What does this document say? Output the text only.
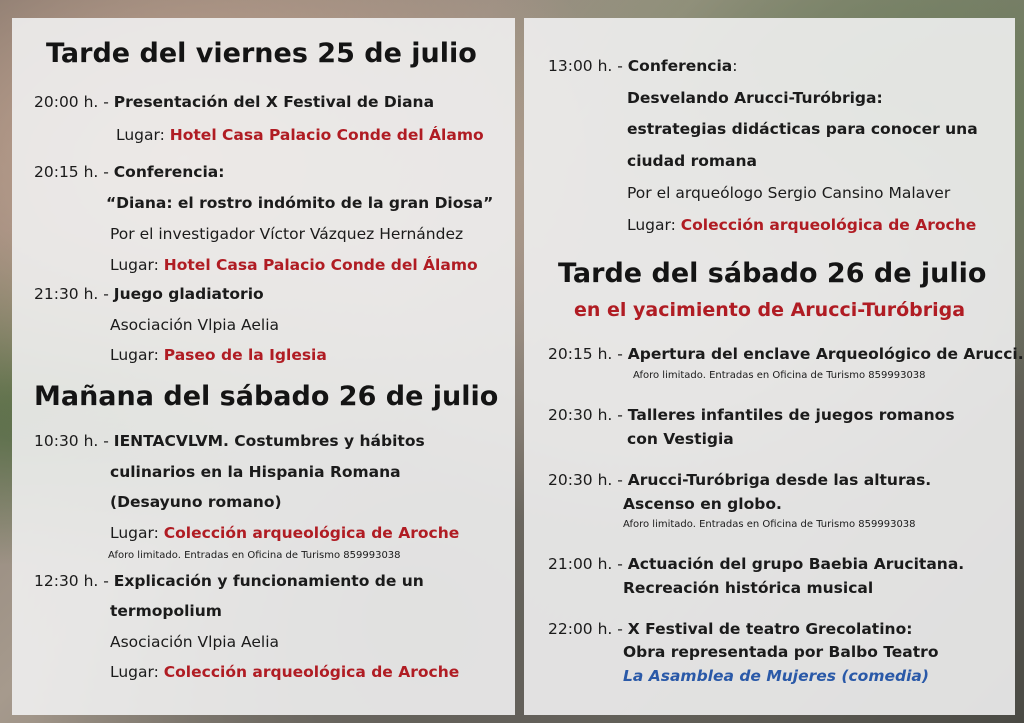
Tarde del viernes 25 de julio
20:00 h. - Presentación del X Festival de Diana
Lugar: Hotel Casa Palacio Conde del Álamo
20:15 h. - Conferencia:
“Diana: el rostro indómito de la gran Diosa”
Por el investigador Víctor Vázquez Hernández
Lugar: Hotel Casa Palacio Conde del Álamo
21:30 h. - Juego gladiatorio
Asociación Vlpia Aelia
Lugar: Paseo de la Iglesia
Mañana del sábado 26 de julio
10:30 h. - IENTACVLVM. Costumbres y hábitos
culinarios en la Hispania Romana
(Desayuno romano)
Lugar: Colección arqueológica de Aroche
Aforo limitado. Entradas en Oficina de Turismo 859993038
12:30 h. - Explicación y funcionamiento de un
termopolium
Asociación Vlpia Aelia
Lugar: Colección arqueológica de Aroche
13:00 h. - Conferencia:
Desvelando Arucci-Turóbriga:
estrategias didácticas para conocer una
ciudad romana
Por el arqueólogo Sergio Cansino Malaver
Lugar: Colección arqueológica de Aroche
Tarde del sábado 26 de julio
en el yacimiento de Arucci-Turóbriga
20:15 h. - Apertura del enclave Arqueológico de Arucci.
Aforo limitado. Entradas en Oficina de Turismo 859993038
20:30 h. - Talleres infantiles de juegos romanos
con Vestigia
20:30 h. - Arucci-Turóbriga desde las alturas.
Ascenso en globo.
Aforo limitado. Entradas en Oficina de Turismo 859993038
21:00 h. - Actuación del grupo Baebia Arucitana.
Recreación histórica musical
22:00 h. - X Festival de teatro Grecolatino:
Obra representada por Balbo Teatro
La Asamblea de Mujeres (comedia)
